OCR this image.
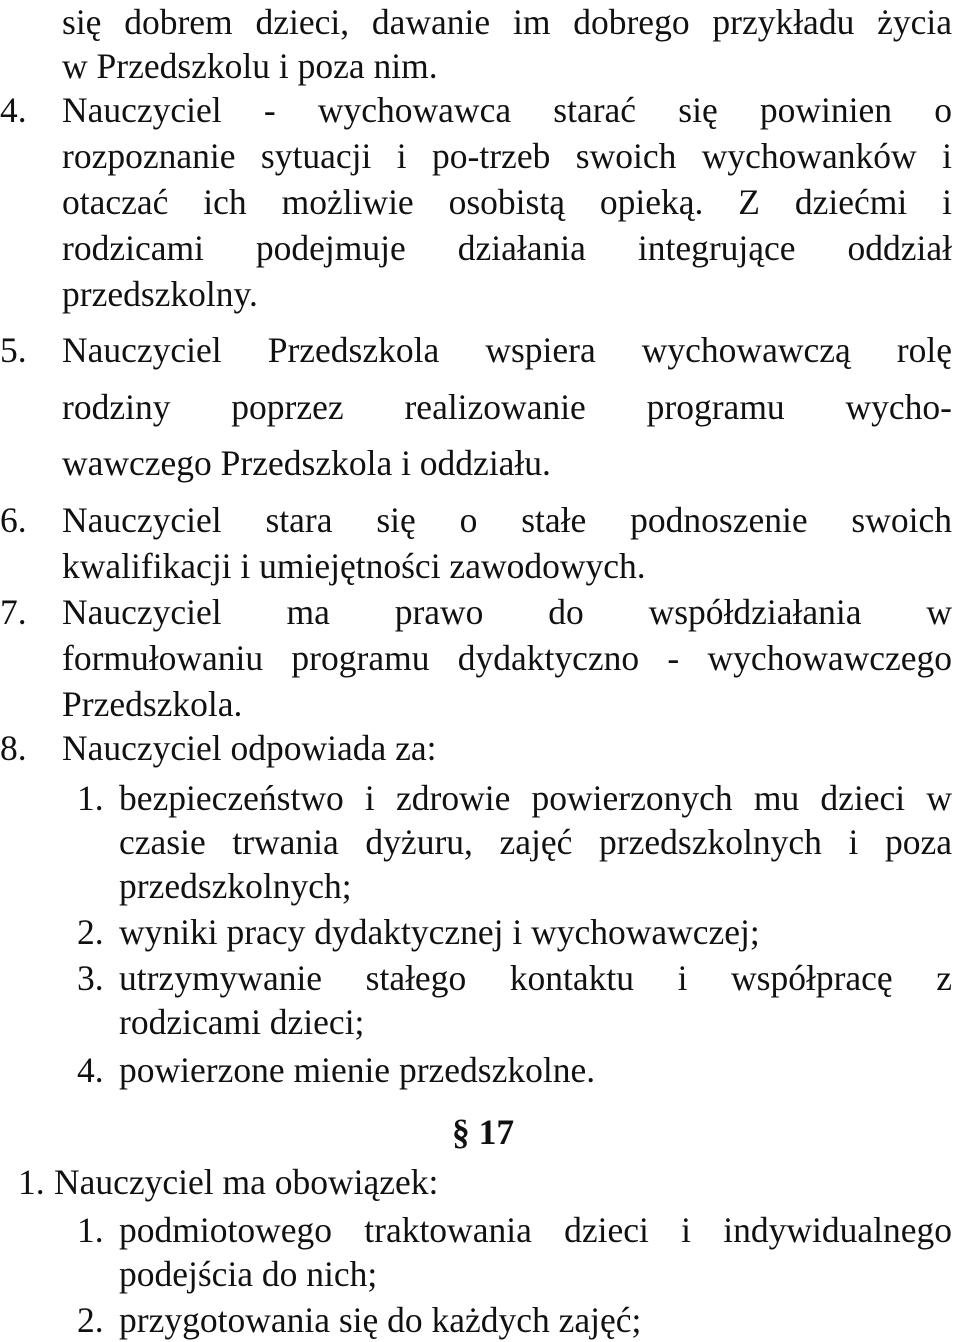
się dobrem dzieci, dawanie im dobrego przykładu życia
w Przedszkolu i poza nim.
4. Nauczyciel - wychowawca starać się powinien o
rozpoznanie sytuacji i po-trzeb swoich wychowanków i
otaczać ich możliwie osobistą opieką. Z dziećmi i
rodzicami podejmuje działania integrujące oddział
przedszkolny.
5. Nauczyciel Przedszkola wspiera wychowawczą rolę
rodziny poprzez realizowanie programu wycho-
wawczego Przedszkola i oddziału.
6. Nauczyciel stara się o stałe podnoszenie swoich
kwalifikacji i umiejętności zawodowych.
7. Nauczyciel ma prawo do współdziałania w
formułowaniu programu dydaktyczno - wychowawczego
Przedszkola.
8. Nauczyciel odpowiada za:
1. bezpieczeństwo i zdrowie powierzonych mu dzieci w
czasie trwania dyżuru, zajęć przedszkolnych i poza
przedszkolnych;
2. wyniki pracy dydaktycznej i wychowawczej;
3. utrzymywanie stałego kontaktu i współpracę z
rodzicami dzieci;
4. powierzone mienie przedszkolne.
§ 17
1. Nauczyciel ma obowiązek:
1. podmiotowego traktowania dzieci i indywidualnego
podejścia do nich;
2. przygotowania się do każdych zajęć;
